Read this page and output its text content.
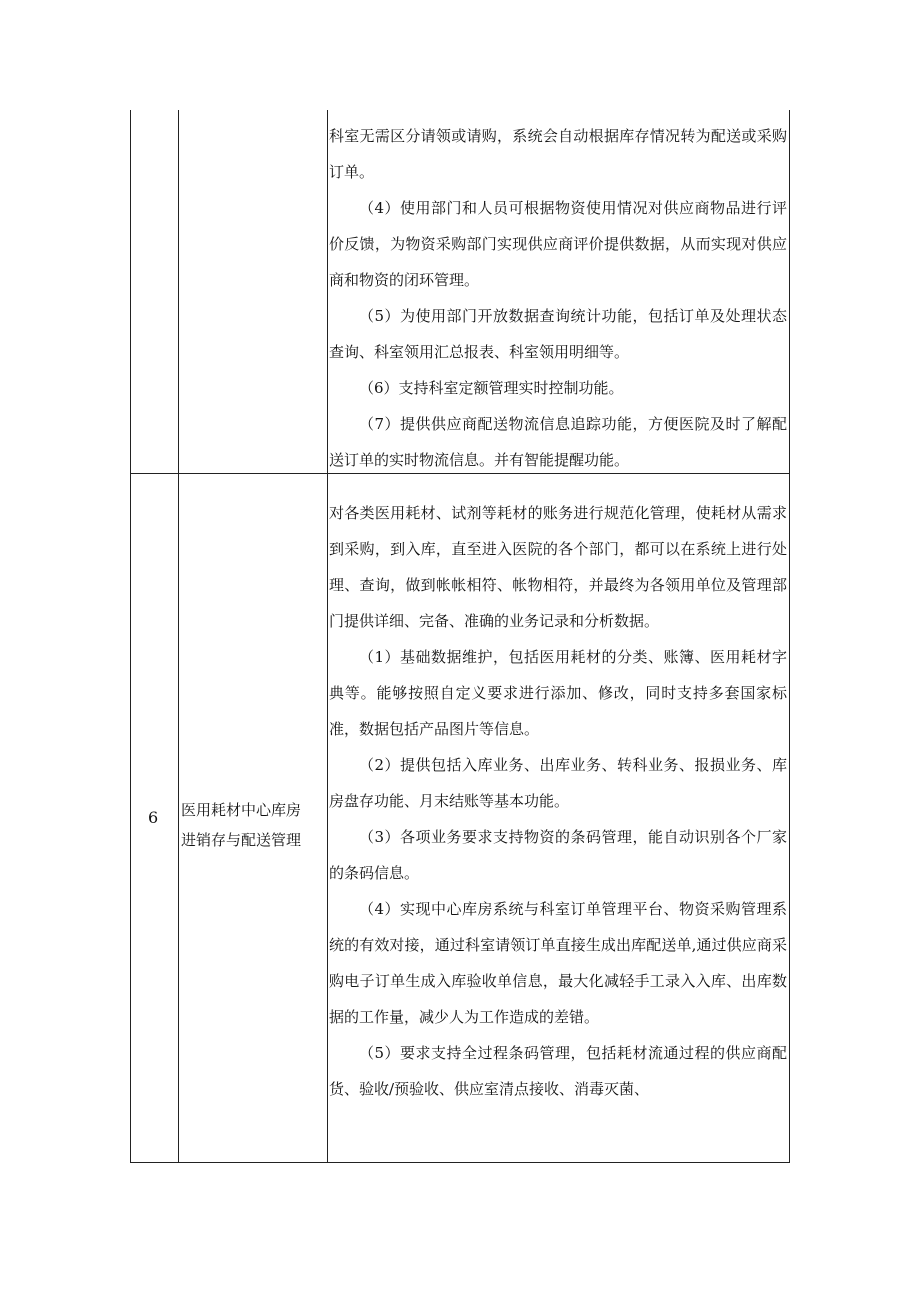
科室无需区分请领或请购，系统会自动根据库存情况转为配送或采购订单。

（4）使用部门和人员可根据物资使用情况对供应商物品进行评价反馈，为物资采购部门实现供应商评价提供数据，从而实现对供应商和物资的闭环管理。

（5）为使用部门开放数据查询统计功能，包括订单及处理状态查询、科室领用汇总报表、科室领用明细等。

（6）支持科室定额管理实时控制功能。

（7）提供供应商配送物流信息追踪功能，方便医院及时了解配送订单的实时物流信息。并有智能提醒功能。

6 医用耗材中心库房
进销存与配送管理

对各类医用耗材、试剂等耗材的账务进行规范化管理，使耗材从需求到采购，到入库，直至进入医院的各个部门，都可以在系统上进行处理、查询，做到帐帐相符、帐物相符，并最终为各领用单位及管理部门提供详细、完备、准确的业务记录和分析数据。

（1）基础数据维护，包括医用耗材的分类、账簿、医用耗材字典等。能够按照自定义要求进行添加、修改，同时支持多套国家标准，数据包括产品图片等信息。

（2）提供包括入库业务、出库业务、转科业务、报损业务、库房盘存功能、月末结账等基本功能。

（3）各项业务要求支持物资的条码管理，能自动识别各个厂家的条码信息。

（4）实现中心库房系统与科室订单管理平台、物资采购管理系统的有效对接，通过科室请领订单直接生成出库配送单,通过供应商采购电子订单生成入库验收单信息，最大化减轻手工录入入库、出库数据的工作量，减少人为工作造成的差错。

（5）要求支持全过程条码管理，包括耗材流通过程的供应商配货、验收/预验收、供应室清点接收、消毒灭菌、
